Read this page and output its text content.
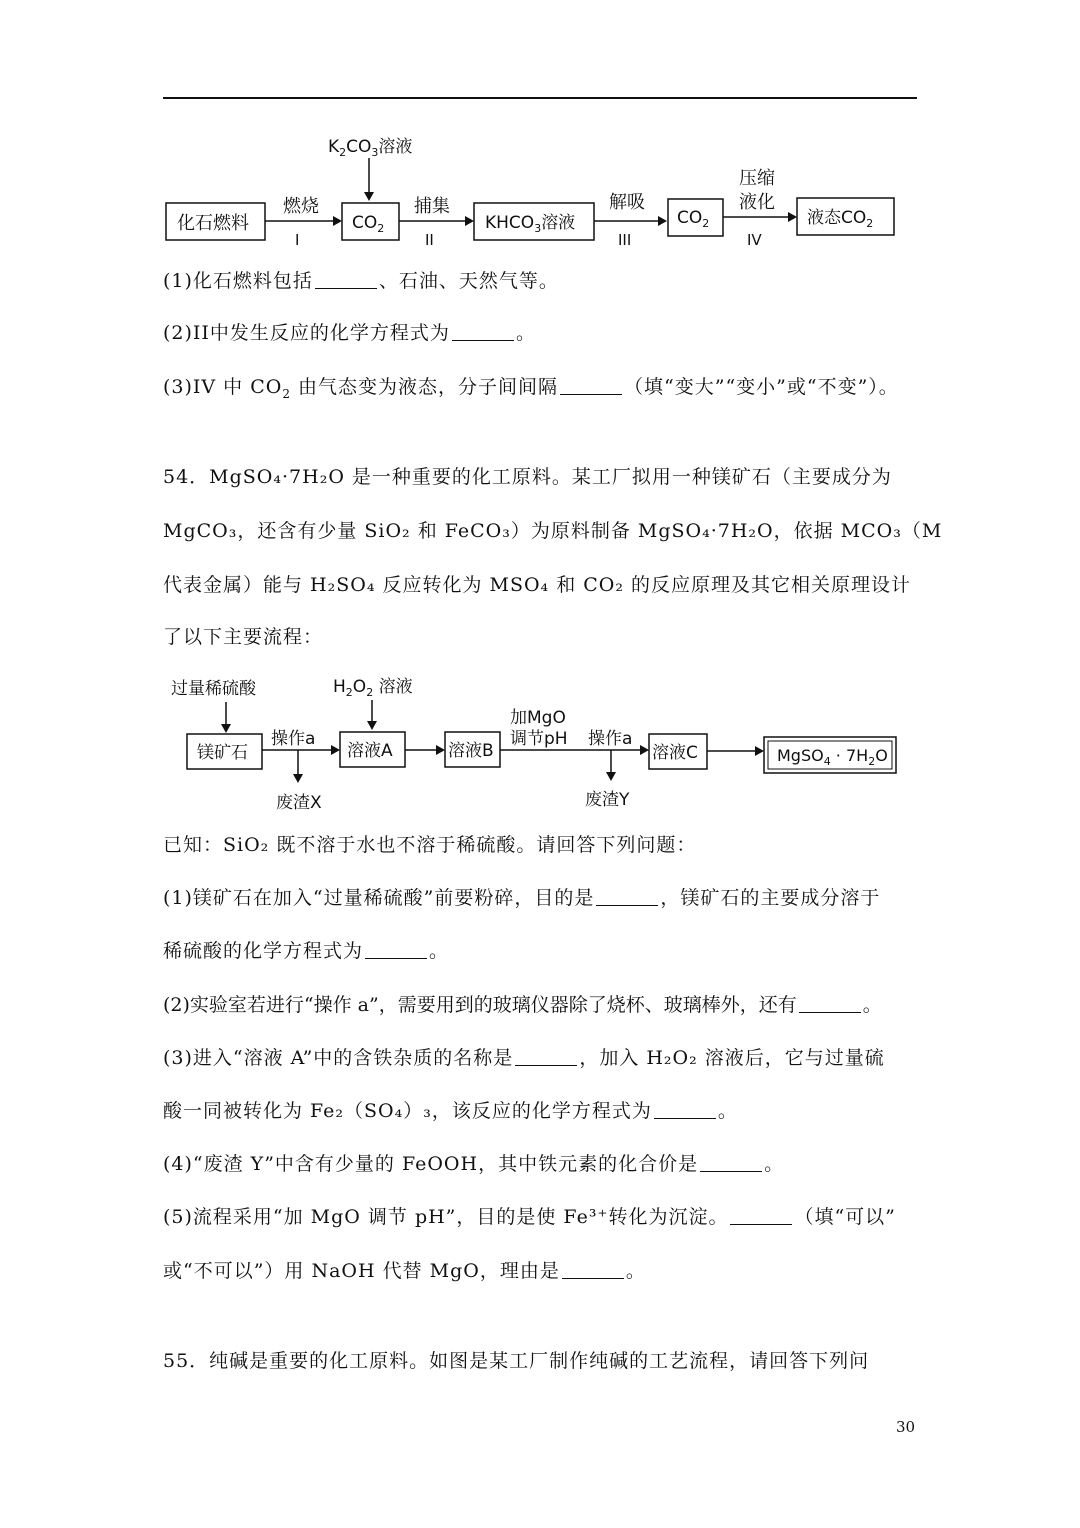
$K_2CO_3$溶液
化石燃料
燃烧
I
$CO_2$
捕集
II
$KHCO_3$溶液
解吸
III
$CO_2$
压缩
液化
IV
液态$CO_2$
(1)化石燃料包括	、石油、天然气等。
(2)II中发生反应的化学方程式为	。
(3)IV 中 $CO_2$ 由气态变为液态，分子间间隔	（填“变大”“变小”或“不变”）。
54．MgSO₄·7H₂O 是一种重要的化工原料。某工厂拟用一种镁矿石（主要成分为
MgCO₃，还含有少量 SiO₂ 和 FeCO₃）为原料制备 MgSO₄·7H₂O，依据 MCO₃（M
代表金属）能与 H₂SO₄ 反应转化为 MSO₄ 和 CO₂ 的反应原理及其它相关原理设计
了以下主要流程：
过量稀硫酸
镁矿石
操作a
废渣X
$H_2O_2$ 溶液
溶液A	溶液B
加MgO
调节pH 操作a
废渣Y
溶液C	MgSO$_4$ · $7H_2O$
已知：SiO₂ 既不溶于水也不溶于稀硫酸。请回答下列问题：
(1)镁矿石在加入“过量稀硫酸”前要粉碎，目的是	，镁矿石的主要成分溶于
稀硫酸的化学方程式为	。
(2)实验室若进行“操作 a”，需要用到的玻璃仪器除了烧杯、玻璃棒外，还有	。
(3)进入“溶液 A”中的含铁杂质的名称是	，加入 H₂O₂ 溶液后，它与过量硫
酸一同被转化为 Fe₂（SO₄）₃，该反应的化学方程式为	。
(4)“废渣 Y”中含有少量的 FeOOH，其中铁元素的化合价是	。
(5)流程采用“加 MgO 调节 pH”，目的是使 Fe³⁺转化为沉淀。	（填“可以”
或“不可以”）用 NaOH 代替 MgO，理由是	。
55．纯碱是重要的化工原料。如图是某工厂制作纯碱的工艺流程，请回答下列问
30
